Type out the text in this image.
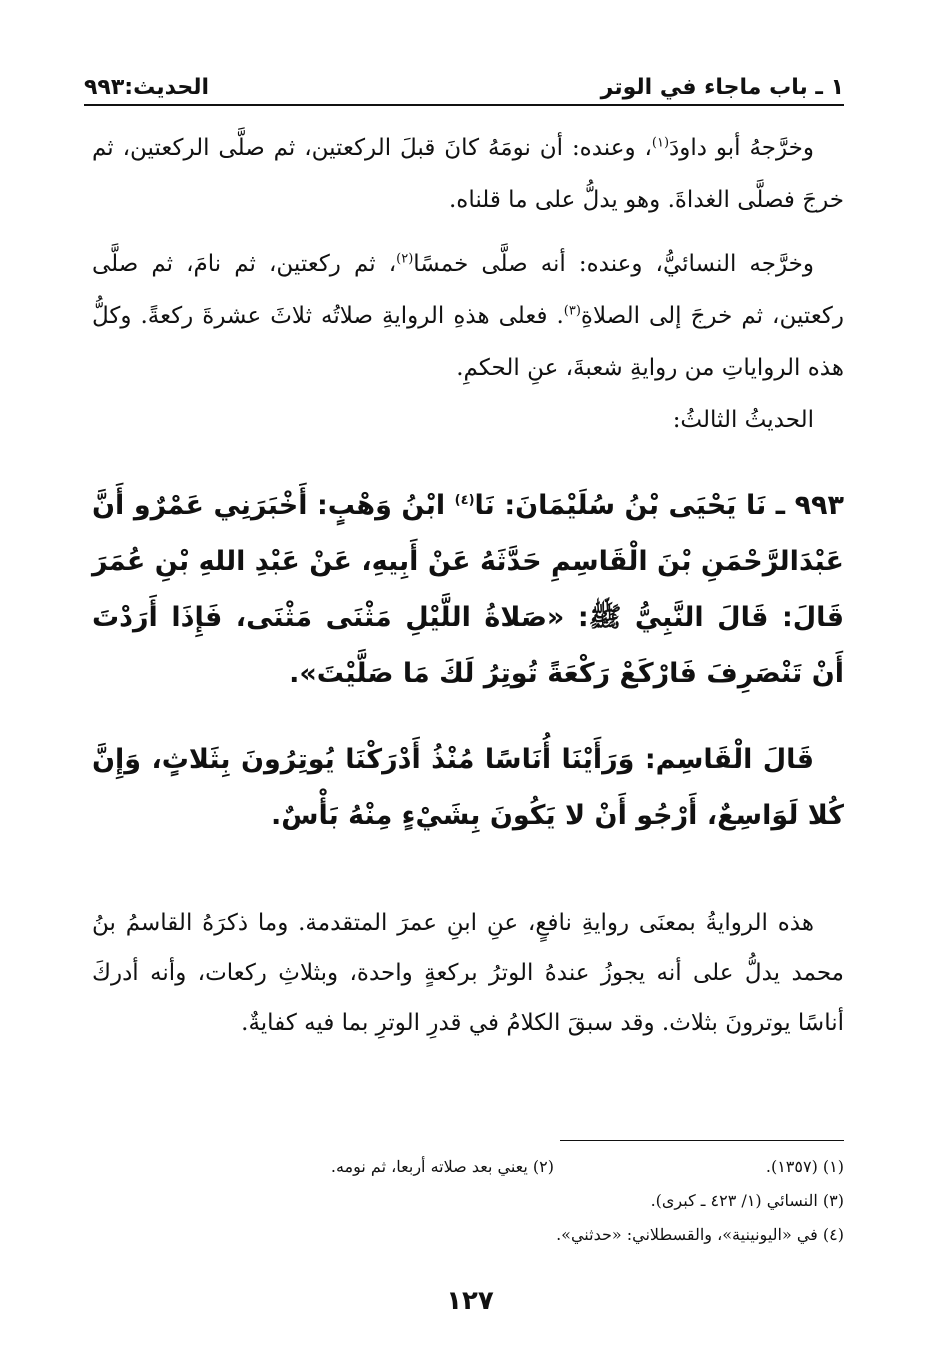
١ ـ باب ماجاء في الوتر
الحديث:٩٩٣

وخرَّجهُ أبو داودَ$^{(١)}$، وعنده: أن نومَهُ كانَ قبلَ الركعتين، ثم صلَّى الركعتين، ثم خرجَ فصلَّى الغداةَ. وهو يدلُّ على ما قلناه.

وخرَّجه النسائيُّ، وعنده: أنه صلَّى خمسًا$^{(٢)}$، ثم ركعتين، ثم نامَ، ثم صلَّى ركعتين، ثم خرجَ إلى الصلاةِ$^{(٣)}$. فعلى هذهِ الروايةِ صلاتُه ثلاثَ عشرةَ ركعةً. وكلُّ هذه الرواياتِ من روايةِ شعبةَ، عنِ الحكمِ.

الحديثُ الثالثُ:

٩٩٣ ـ نَا يَحْيَى بْنُ سُلَيْمَانَ: نَا$^{(٤)}$ ابْنُ وَهْبٍ: أَخْبَرَنِي عَمْرٌو أَنَّ عَبْدَالرَّحْمَنِ بْنَ الْقَاسِمِ حَدَّثَهُ عَنْ أَبِيهِ، عَنْ عَبْدِ اللهِ بْنِ عُمَرَ قَالَ: قَالَ النَّبِيُّ ﷺ: «صَلاةُ اللَّيْلِ مَثْنَى مَثْنَى، فَإِذَا أَرَدْتَ أَنْ تَنْصَرِفَ فَارْكَعْ رَكْعَةً تُوتِرُ لَكَ مَا صَلَّيْتَ».

قَالَ الْقَاسِم: وَرَأَيْنَا أُنَاسًا مُنْذُ أَدْرَكْنَا يُوتِرُونَ بِثَلاثٍ، وَإِنَّ كُلا لَوَاسِعٌ، أَرْجُو أَنْ لا يَكُونَ بِشَيْءٍ مِنْهُ بَأْسٌ.

هذه الروايةُ بمعنَى روايةِ نافعٍ، عنِ ابنِ عمرَ المتقدمة. وما ذكرَهُ القاسمُ بنُ محمد يدلُّ على أنه يجوزُ عندهُ الوترُ بركعةٍ واحدة، وبثلاثِ ركعات، وأنه أدركَ أناسًا يوترونَ بثلاث. وقد سبقَ الكلامُ في قدرِ الوترِ بما فيه كفايةٌ.

(١) (١٣٥٧).
(٢) يعني بعد صلاته أربعا، ثم نومه.
(٣) النسائي (١/ ٤٢٣ ـ كبرى).
(٤) في «اليونينية»، والقسطلاني: «حدثني».
١٢٧
